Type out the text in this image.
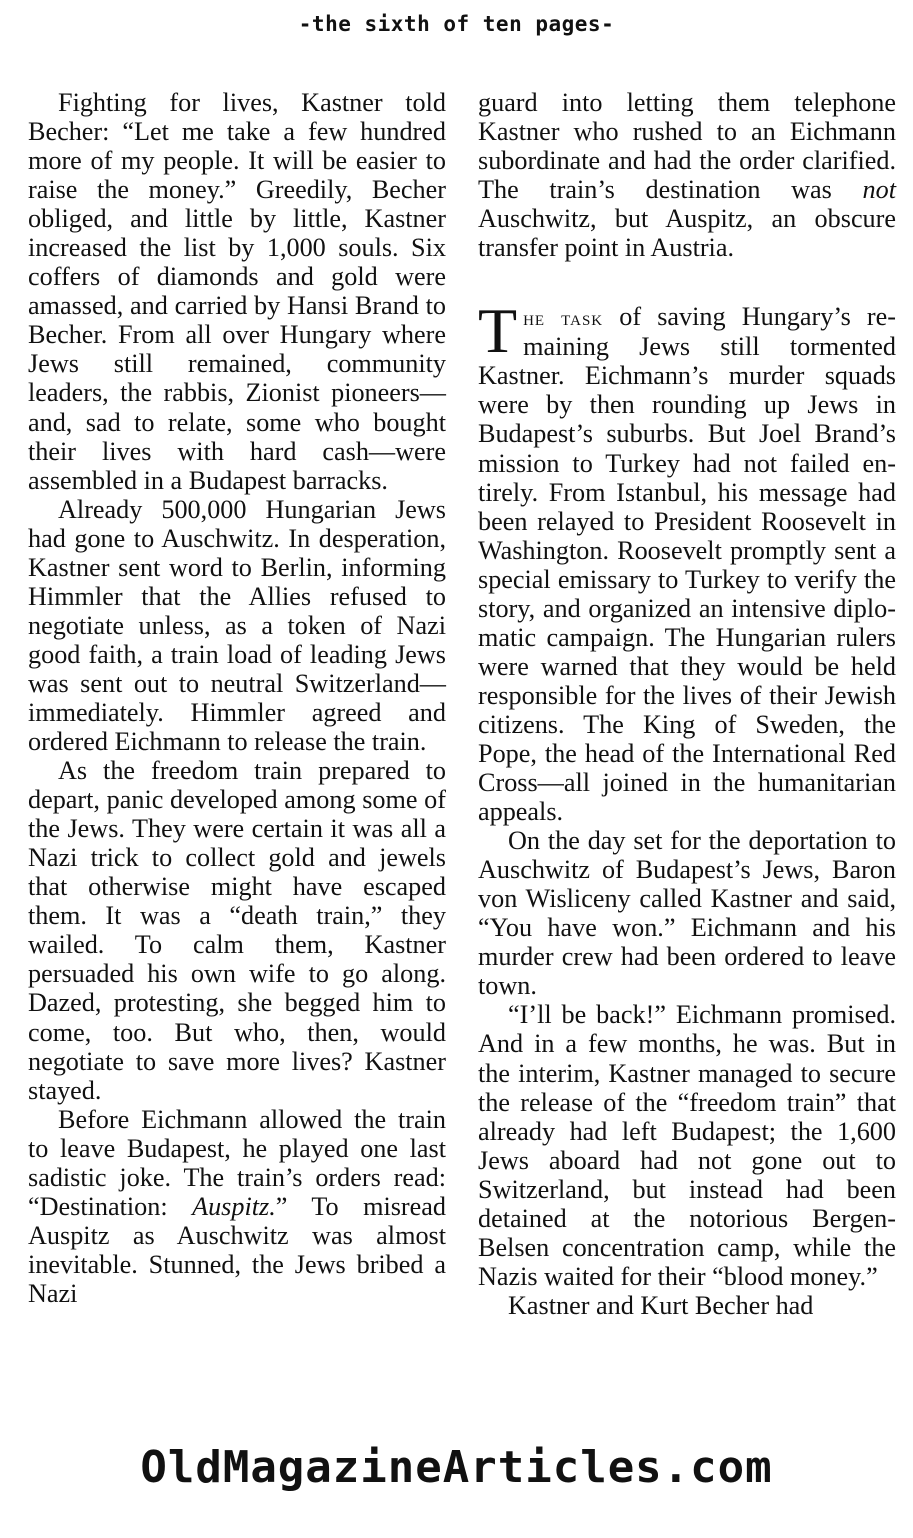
-the sixth of ten pages-

Fighting for lives, Kastner told Becher: “Let me take a few hundred more of my people. It will be easier to raise the money.” Greedily, Becher obliged, and little by little, Kastner increased the list by 1,000 souls. Six coffers of diamonds and gold were amassed, and carried by Hansi Brand to Becher. From all over Hungary where Jews still remained, community leaders, the rabbis, Zionist pioneers—and, sad to relate, some who bought their lives with hard cash—were assembled in a Budapest barracks.

Already 500,000 Hungarian Jews had gone to Auschwitz. In desperation, Kastner sent word to Berlin, informing Himmler that the Allies refused to negotiate unless, as a token of Nazi good faith, a train load of leading Jews was sent out to neutral Switzerland—immediately. Himmler agreed and ordered Eichmann to release the train.

As the freedom train prepared to depart, panic developed among some of the Jews. They were certain it was all a Nazi trick to collect gold and jewels that otherwise might have escaped them. It was a “death train,” they wailed. To calm them, Kastner persuaded his own wife to go along. Dazed, protesting, she begged him to come, too. But who, then, would negotiate to save more lives? Kastner stayed.

Before Eichmann allowed the train to leave Budapest, he played one last sadistic joke. The train’s orders read: “Destination: Auspitz.” To misread Auspitz as Auschwitz was almost inevitable. Stunned, the Jews bribed a Nazi

guard into letting them telephone Kastner who rushed to an Eichmann subordinate and had the order clarified. The train’s destination was not Auschwitz, but Auspitz, an obscure transfer point in Austria.

The task of saving Hungary’s remaining Jews still tormented Kastner. Eichmann’s murder squads were by then rounding up Jews in Budapest’s suburbs. But Joel Brand’s mission to Turkey had not failed entirely. From Istanbul, his message had been relayed to President Roosevelt in Washington. Roosevelt promptly sent a special emissary to Turkey to verify the story, and organized an intensive diplomatic campaign. The Hungarian rulers were warned that they would be held responsible for the lives of their Jewish citizens. The King of Sweden, the Pope, the head of the International Red Cross—all joined in the humanitarian appeals.

On the day set for the deportation to Auschwitz of Budapest’s Jews, Baron von Wisliceny called Kastner and said, “You have won.” Eichmann and his murder crew had been ordered to leave town.

“I’ll be back!” Eichmann promised. And in a few months, he was. But in the interim, Kastner managed to secure the release of the “freedom train” that already had left Budapest; the 1,600 Jews aboard had not gone out to Switzerland, but instead had been detained at the notorious Bergen-Belsen concentration camp, while the Nazis waited for their “blood money.”

Kastner and Kurt Becher had

OldMagazineArticles.com
